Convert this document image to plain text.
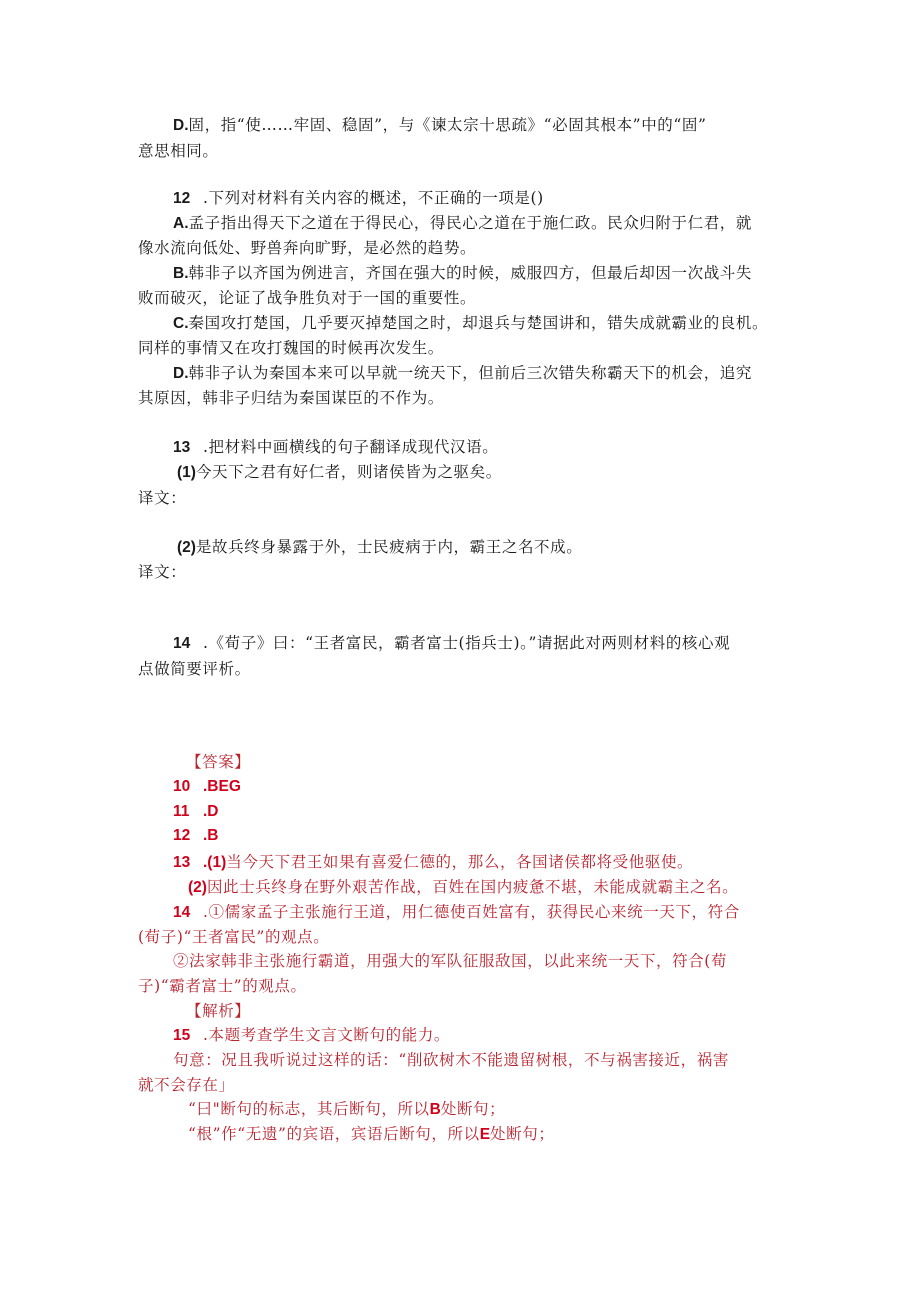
D.固，指“使……牢固、稳固”，与《谏太宗十思疏》“必固其根本”中的“固”
意思相同。
12 .下列对材料有关内容的概述，不正确的一项是()
A.孟子指出得天下之道在于得民心，得民心之道在于施仁政。民众归附于仁君，就
像水流向低处、野兽奔向旷野，是必然的趋势。
B.韩非子以齐国为例进言，齐国在强大的时候，威服四方，但最后却因一次战斗失
败而破灭，论证了战争胜负对于一国的重要性。
C.秦国攻打楚国，几乎要灭掉楚国之时，却退兵与楚国讲和，错失成就霸业的良机。
同样的事情又在攻打魏国的时候再次发生。
D.韩非子认为秦国本来可以早就一统天下，但前后三次错失称霸天下的机会，追究
其原因，韩非子归结为秦国谋臣的不作为。
13 .把材料中画横线的句子翻译成现代汉语。
(1)今天下之君有好仁者，则诸侯皆为之驱矣。
译文：
(2)是故兵终身暴露于外，士民疲病于内，霸王之名不成。
译文：
14 .《荀子》曰：“王者富民，霸者富士(指兵士)。”请据此对两则材料的核心观
点做简要评析。
【答案】
10 .BEG
11 .D
12 .B
13 .(1)当今天下君王如果有喜爱仁德的，那么，各国诸侯都将受他驱使。
(2)因此士兵终身在野外艰苦作战，百姓在国内疲惫不堪，未能成就霸主之名。
14 .①儒家孟子主张施行王道，用仁德使百姓富有，获得民心来统一天下，符合
(荀子)“王者富民”的观点。
②法家韩非主张施行霸道，用强大的军队征服敌国，以此来统一天下，符合(荀
子)“霸者富士”的观点。
【解析】
15 .本题考查学生文言文断句的能力。
句意：况且我听说过这样的话：“削砍树木不能遗留树根，不与祸害接近，祸害
就不会存在」
“曰"断句的标志，其后断句，所以B处断句；
“根”作“无遗”的宾语，宾语后断句，所以E处断句；
